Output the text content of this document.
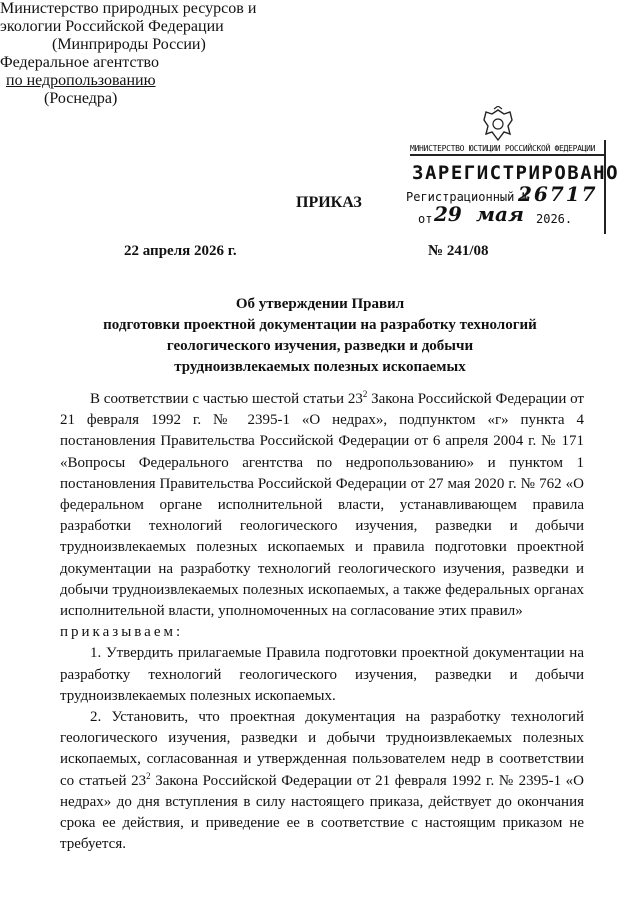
Министерство природных ресурсов и
экологии Российской Федерации
(Минприроды России)
Федеральное агентство
по недропользованию
(Роснедра)
МИНИСТЕРСТВО ЮСТИЦИИ РОССИЙСКОЙ ФЕДЕРАЦИИ
ЗАРЕГИСТРИРОВАНО
Регистрационный №
26717
от 29 мая 2026.
ПРИКАЗ
22 апреля 2026 г.	№ 241/08
Об утверждении Правил
подготовки проектной документации на разработку технологий
геологического изучения, разведки и добычи
трудноизвлекаемых полезных ископаемых

В соответствии с частью шестой статьи $23^2$ Закона Российской Федерации от 21 февраля 1992 г. № 2395-1 «О недрах», подпунктом «г» пункта 4 постановления Правительства Российской Федерации от 6 апреля 2004 г. № 171 «Вопросы Федерального агентства по недропользованию» и пунктом 1 постановления Правительства Российской Федерации от 27 мая 2020 г. № 762 «О федеральном органе исполнительной власти, устанавливающем правила разработки технологий геологического изучения, разведки и добычи трудноизвлекаемых полезных ископаемых и правила подготовки проектной документации на разработку технологий геологического изучения, разведки и добычи трудноизвлекаемых полезных ископаемых, а также федеральных органах исполнительной власти, уполномоченных на согласование этих правил»

приказываем:

1. Утвердить прилагаемые Правила подготовки проектной документации на разработку технологий геологического изучения, разведки и добычи трудноизвлекаемых полезных ископаемых.

2. Установить, что проектная документация на разработку технологий геологического изучения, разведки и добычи трудноизвлекаемых полезных ископаемых, согласованная и утвержденная пользователем недр в соответствии со статьей $23^2$ Закона Российской Федерации от 21 февраля 1992 г. № 2395-1 «О недрах» до дня вступления в силу настоящего приказа, действует до окончания срока ее действия, и приведение ее в соответствие с настоящим приказом не требуется.
